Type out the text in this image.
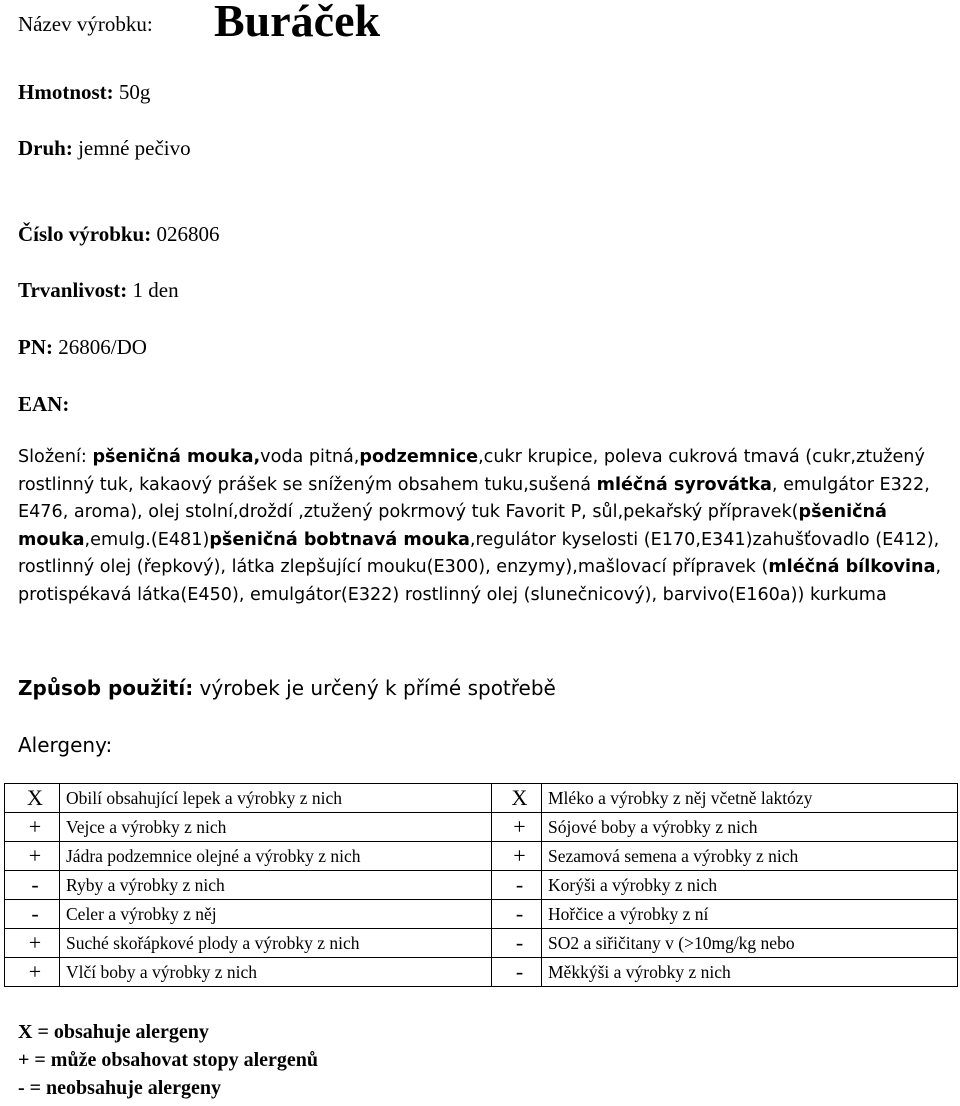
Název výrobku: Buráček
Hmotnost: 50g
Druh: jemné pečivo
Číslo výrobku: 026806
Trvanlivost: 1 den
PN: 26806/DO
EAN:
Složení: pšeničná mouka,voda pitná,podzemnice,cukr krupice, poleva cukrová tmavá (cukr,ztužený rostlinný tuk, kakaový prášek se sníženým obsahem tuku,sušená mléčná syrovátka, emulgátor E322, E476, aroma), olej stolní,droždí ,ztužený pokrmový tuk Favorit P, sůl,pekařský přípravek(pšeničná mouka,emulg.(E481)pšeničná bobtnavá mouka,regulátor kyselosti (E170,E341)zahušťovadlo (E412), rostlinný olej (řepkový), látka zlepšující mouku(E300), enzymy),mašlovací přípravek (mléčná bílkovina, protispékavá látka(E450), emulgátor(E322) rostlinný olej (slunečnicový), barvivo(E160a)) kurkuma
Způsob použití: výrobek je určený k přímé spotřebě
Alergeny:
X	Obilí obsahující lepek a výrobky z nich	X	Mléko a výrobky z něj včetně laktózy
+	Vejce a výrobky z nich	+	Sójové boby a výrobky z nich
+	Jádra podzemnice olejné a výrobky z nich	+	Sezamová semena a výrobky z nich
-	Ryby a výrobky z nich	-	Korýši a výrobky z nich
-	Celer a výrobky z něj	-	Hořčice a výrobky z ní
+	Suché skořápkové plody a výrobky z nich	-	SO2 a siřičitany v (>10mg/kg nebo
+	Vlčí boby a výrobky z nich	-	Měkkýši a výrobky z nich
X = obsahuje alergeny
+ = může obsahovat stopy alergenů
- = neobsahuje alergeny
